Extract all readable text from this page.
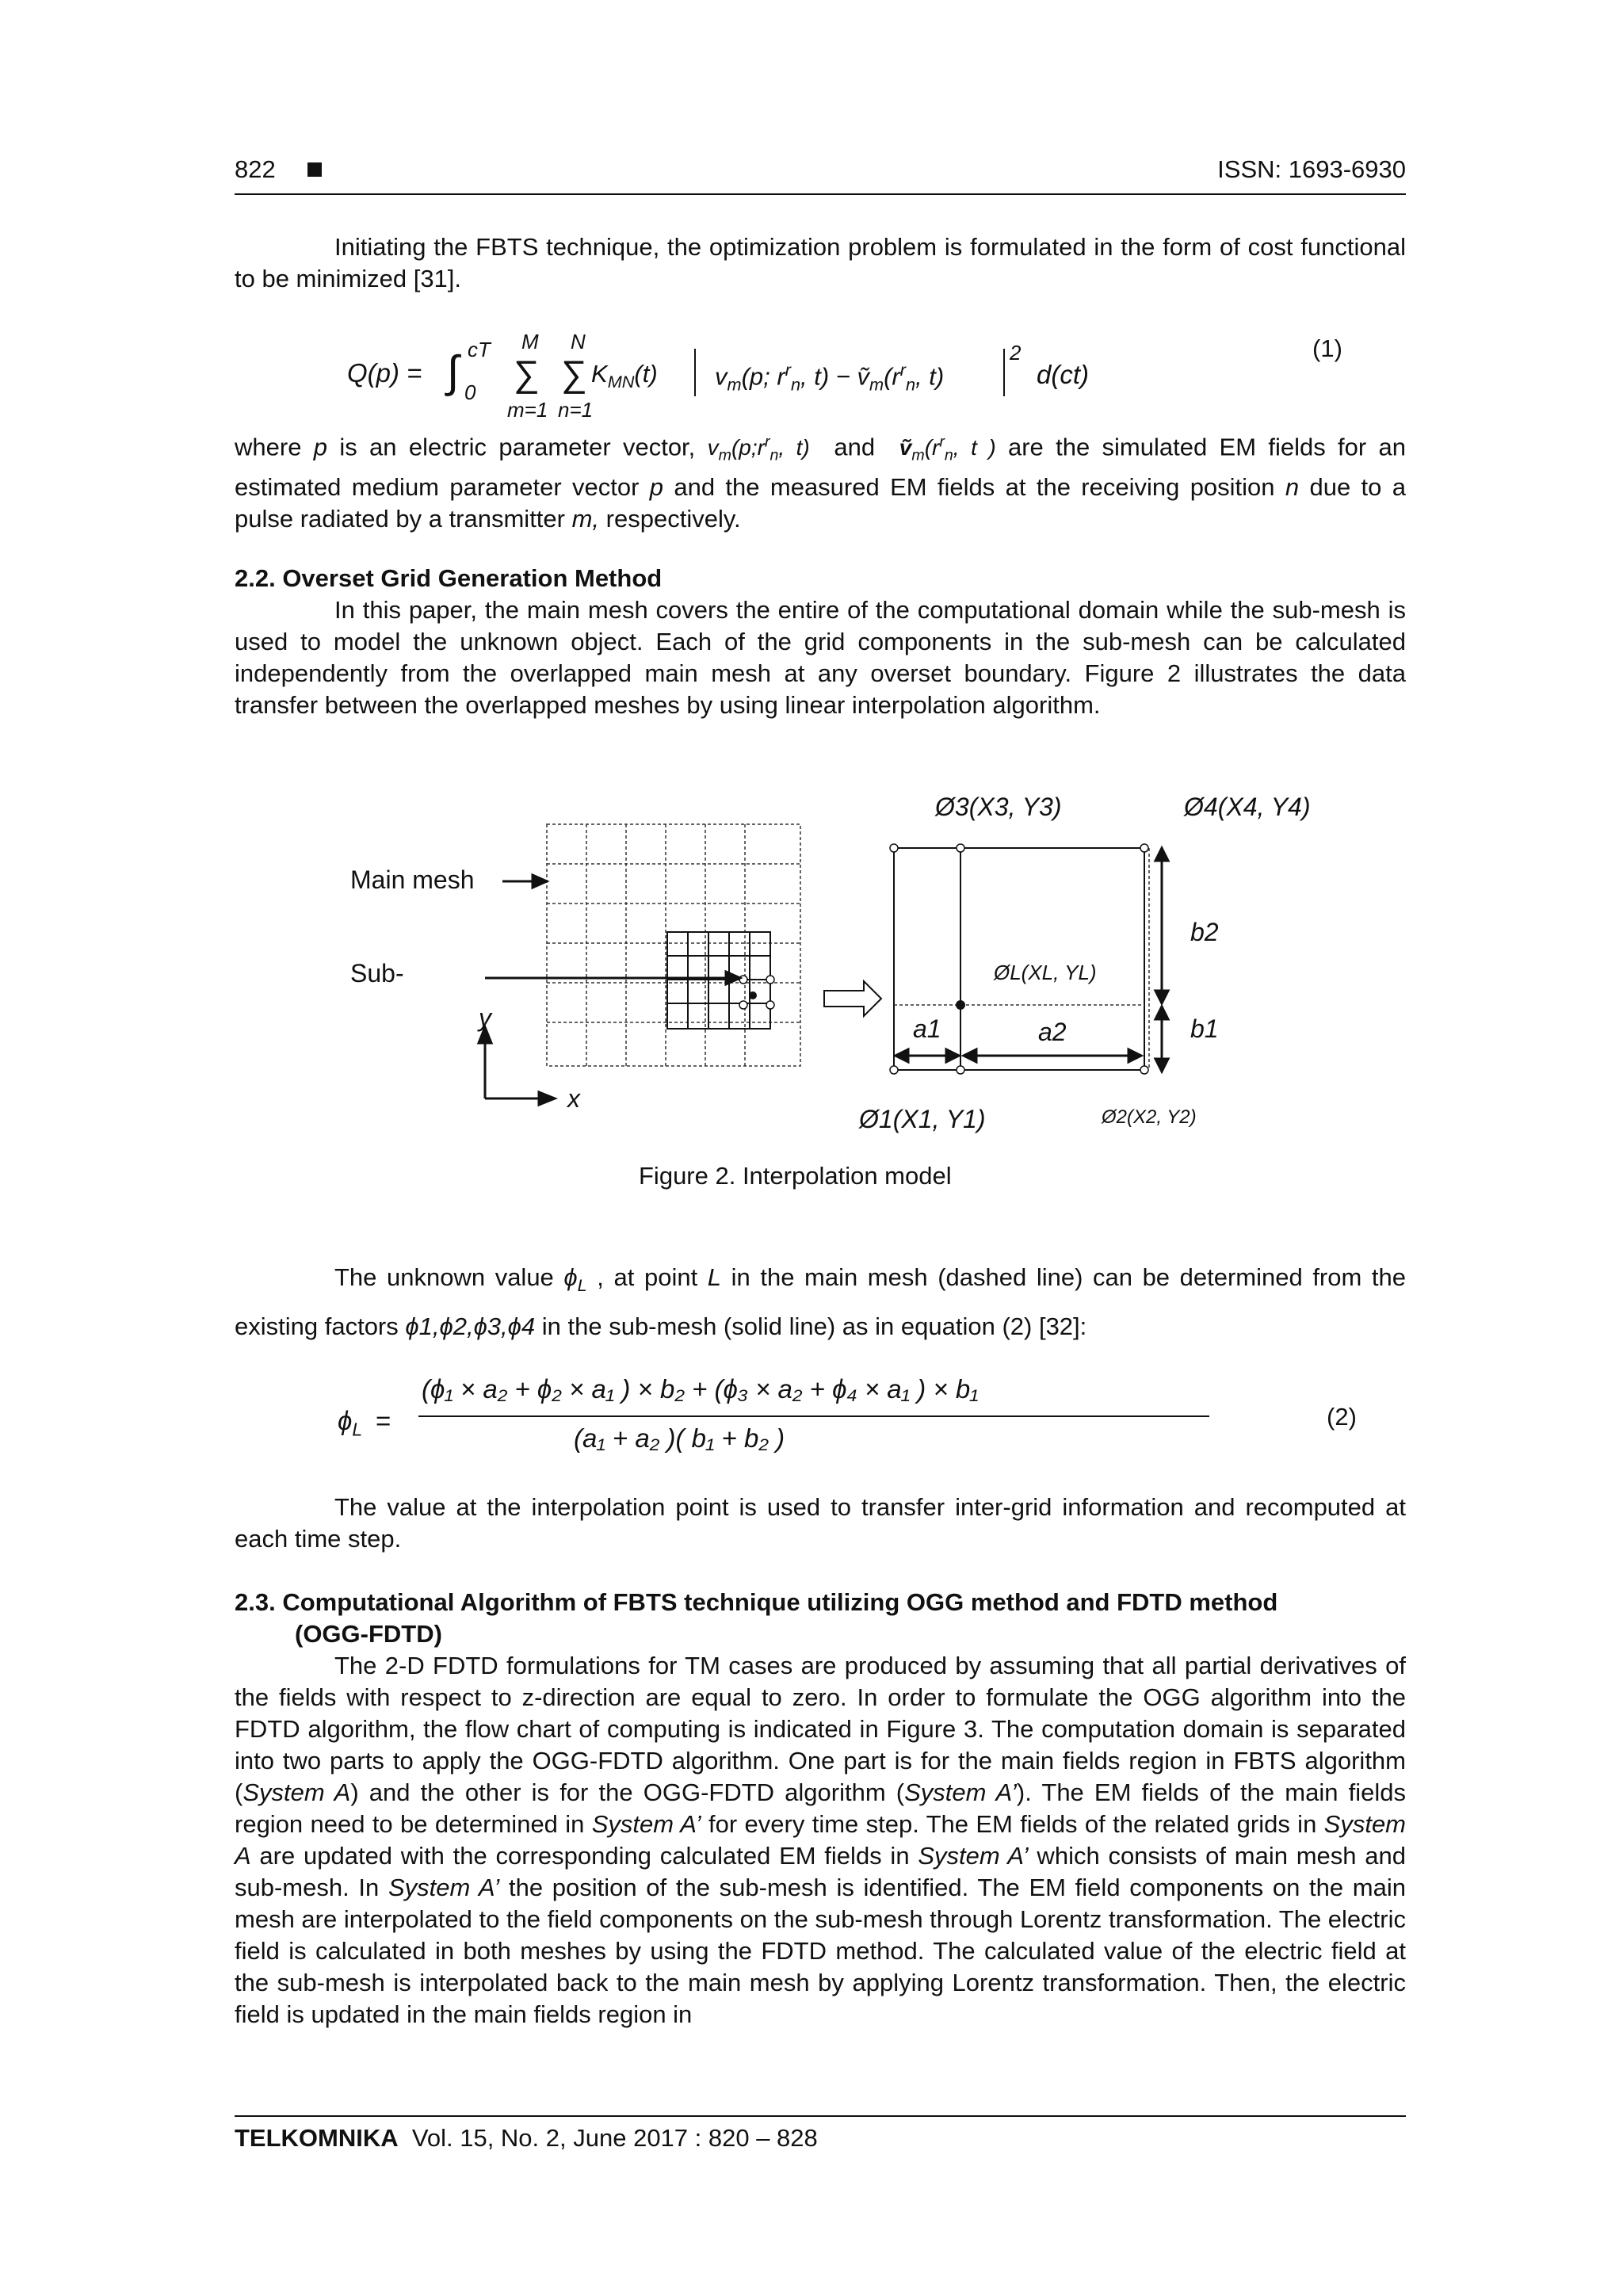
822	ISSN: 1693-6930
Initiating the FBTS technique, the optimization problem is formulated in the form of cost functional to be minimized [31].
Q(p) = ∫ cT
0
M
∑
m=1
N
∑
n=1
$K_{MN}(t)$ $v_m(p$; $r^r_n$, $t) - ṽ_m(r^r_n$, t)
2
d(ct)
(1)
where p is an electric parameter vector, $v_m(p;r^r_n$, t) and $ṽ_m(r^r_n$, t ) are the simulated EM fields for an estimated medium parameter vector p and the measured EM fields at the receiving position n due to a pulse radiated by a transmitter m, respectively.
2.2. Overset Grid Generation Method
In this paper, the main mesh covers the entire of the computational domain while the sub-mesh is used to model the unknown object. Each of the grid components in the sub-mesh can be calculated independently from the overlapped main mesh at any overset boundary. Figure 2 illustrates the data transfer between the overlapped meshes by using linear interpolation algorithm.
Main mesh
Sub-
y
x
Ø3(X3, Y3)	Ø4(X4, Y4)
b2
ØL(XL, YL)
a1	a2	b1
Ø1(X1, Y1)	Ø2(X2, Y2)
Figure 2. Interpolation model
The unknown value $\phi_L$ , at point L in the main mesh (dashed line) can be determined from the existing factors ϕ1,ϕ2,ϕ3,ϕ4 in the sub-mesh (solid line) as in equation (2) [32]:
$\phi_L$ =
(ϕ₁ × a₂ + ϕ₂ × a₁ ) × b₂ + (ϕ₃ × a₂ + ϕ₄ × a₁ ) × b₁
(a₁ + a₂ )( b₁ + b₂ )
(2)
The value at the interpolation point is used to transfer inter-grid information and recomputed at each time step.
2.3. Computational Algorithm of FBTS technique utilizing OGG method and FDTD method
(OGG-FDTD)
The 2-D FDTD formulations for TM cases are produced by assuming that all partial derivatives of the fields with respect to z-direction are equal to zero. In order to formulate the OGG algorithm into the FDTD algorithm, the flow chart of computing is indicated in Figure 3. The computation domain is separated into two parts to apply the OGG-FDTD algorithm. One part is for the main fields region in FBTS algorithm (System A) and the other is for the OGG-FDTD algorithm (System A’). The EM fields of the main fields region need to be determined in System A’ for every time step. The EM fields of the related grids in System A are updated with the corresponding calculated EM fields in System A’ which consists of main mesh and sub-mesh. In System A’ the position of the sub-mesh is identified. The EM field components on the main mesh are interpolated to the field components on the sub-mesh through Lorentz transformation. The electric field is calculated in both meshes by using the FDTD method. The calculated value of the electric field at the sub-mesh is interpolated back to the main mesh by applying Lorentz transformation. Then, the electric field is updated in the main fields region in
TELKOMNIKA Vol. 15, No. 2, June 2017 : 820 – 828
